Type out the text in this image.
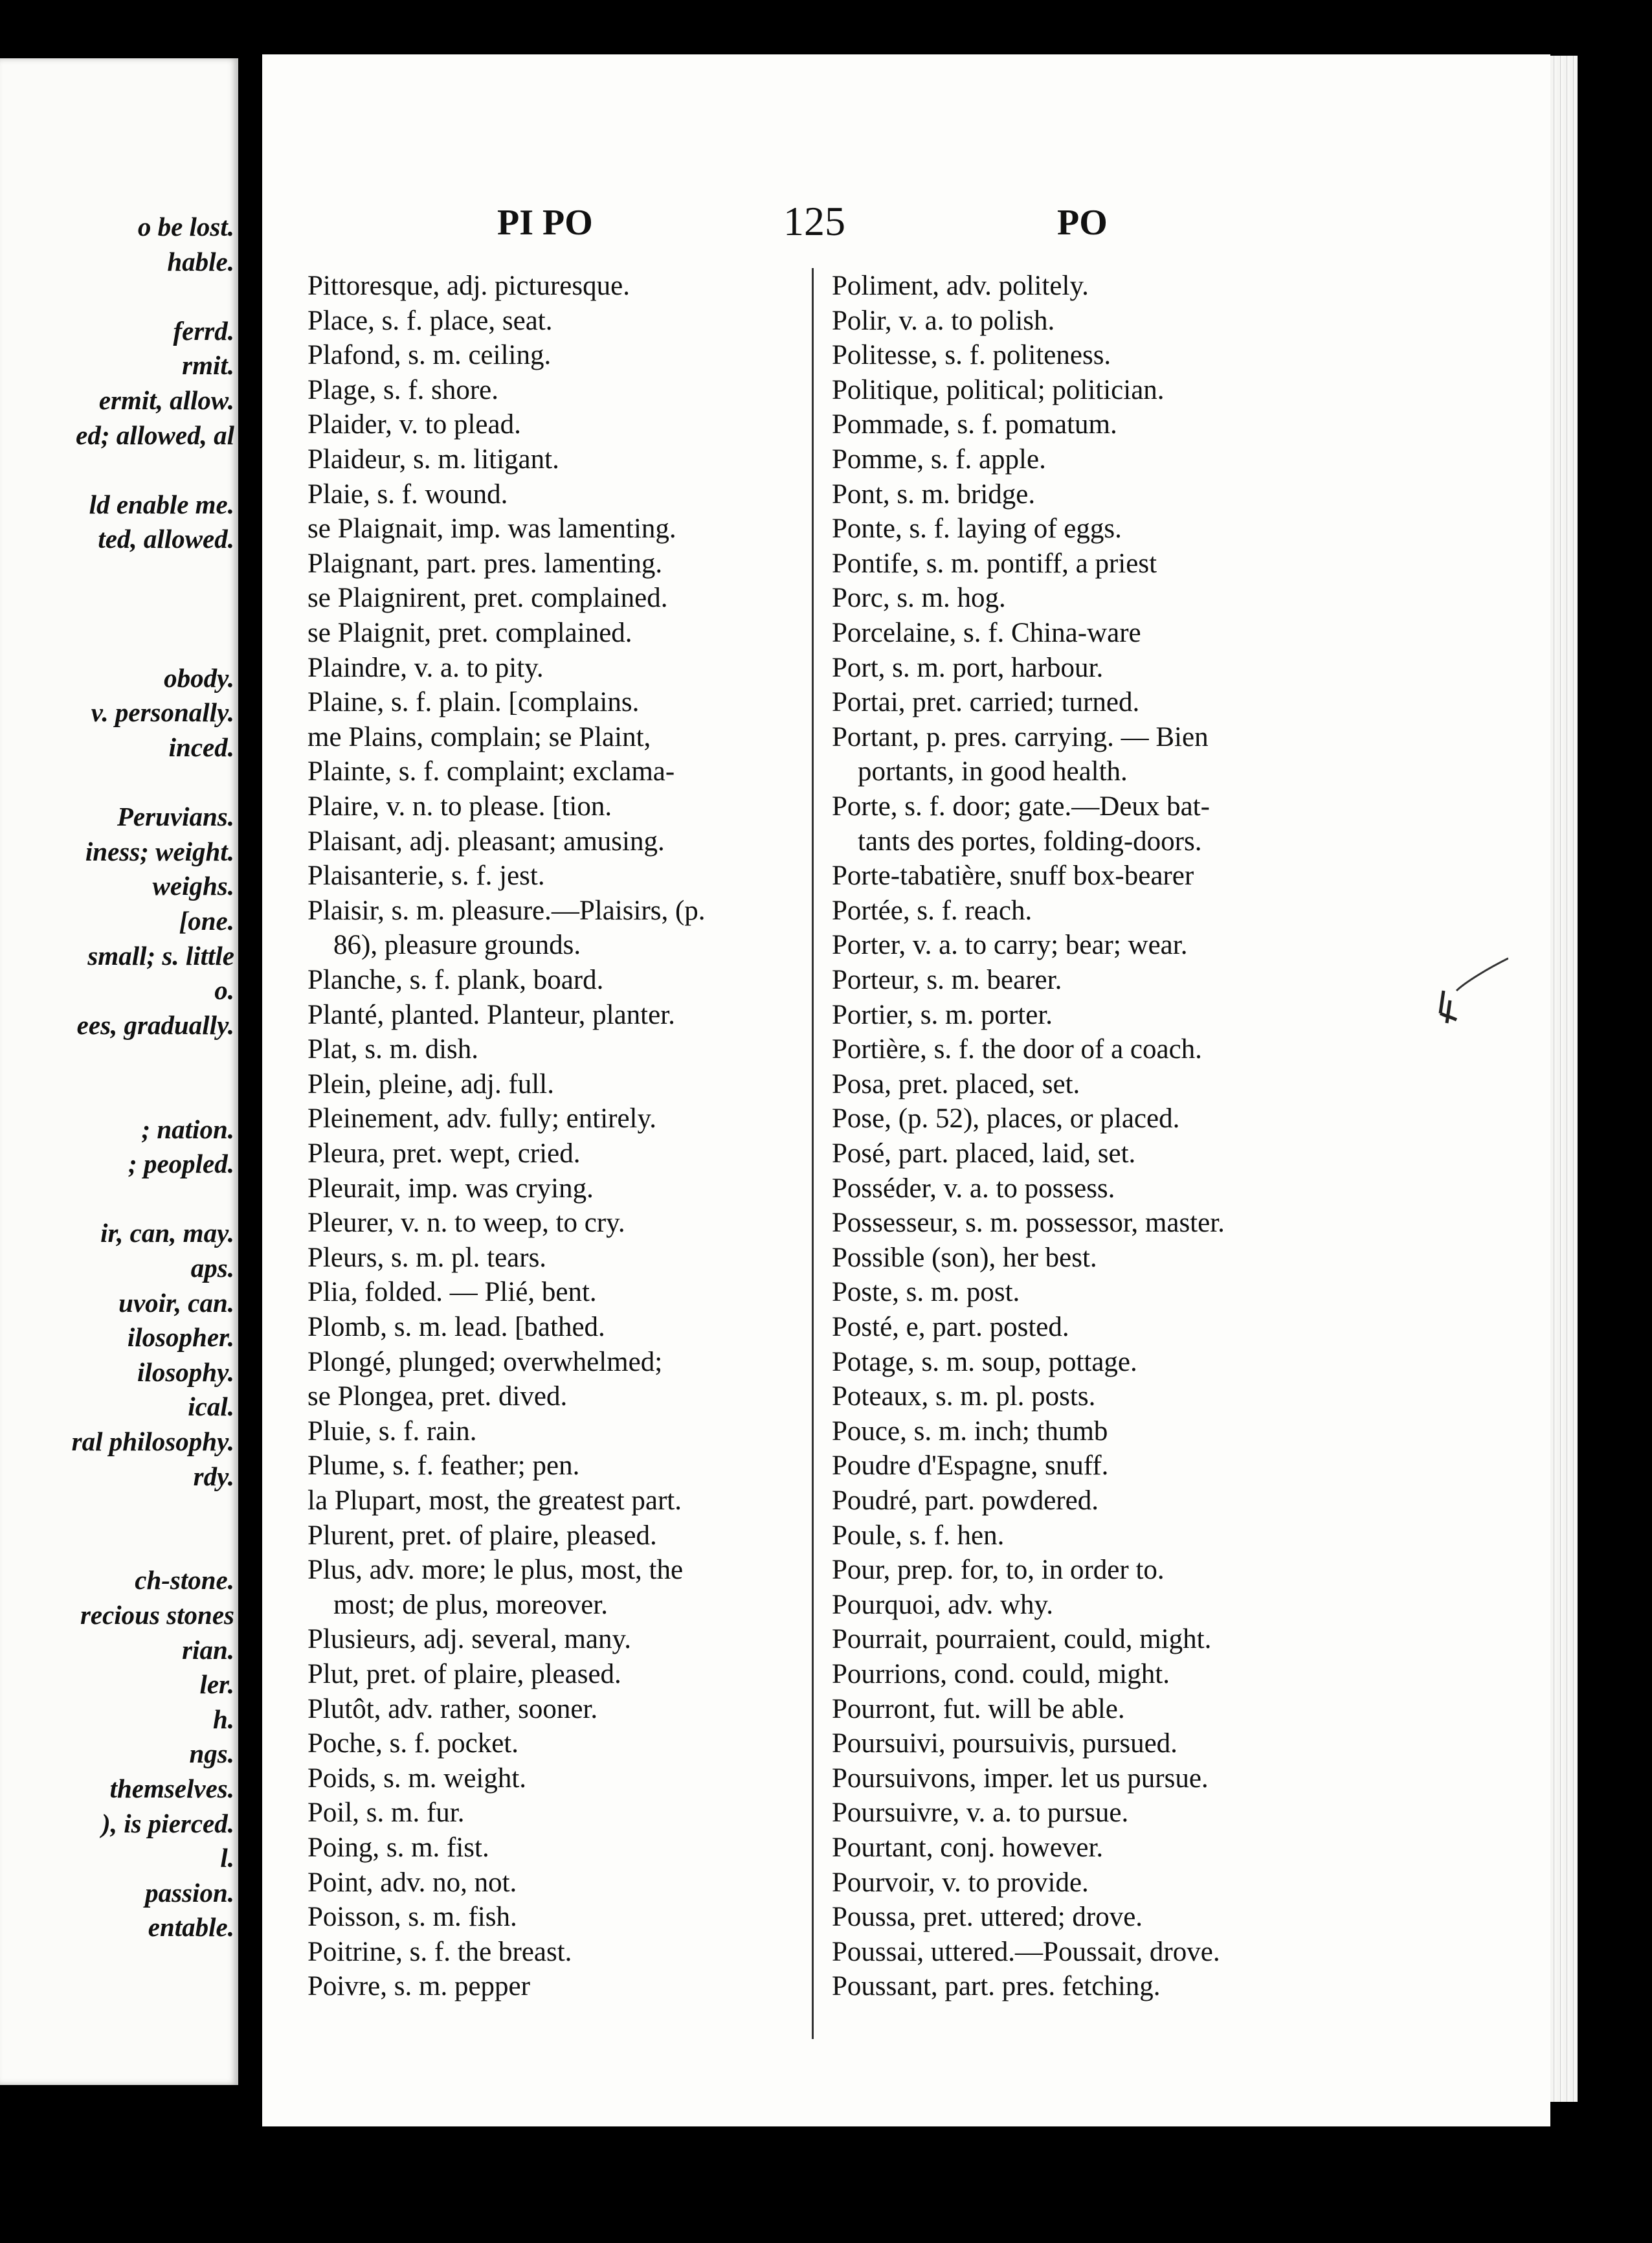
o be lost.
hable.
ferrd.
rmit.
ermit, allow.
ed; allowed, al
ld enable me.
ted, allowed.
obody.
v. personally.
inced.
Peruvians.
iness; weight.
weighs.
[one.
small; s. little
o.
ees, gradually.
; nation.
; peopled.
ir, can, may.
aps.
uvoir, can.
ilosopher.
ilosophy.
ical.
ral philosophy.
rdy.
ch-stone.
recious stones
rian.
ler.
h.
ngs.
themselves.
), is pierced.
l.
passion.
entable.
PI PO	125	PO
Pittoresque, adj. picturesque.
Place, s. f. place, seat.
Plafond, s. m. ceiling.
Plage, s. f. shore.
Plaider, v. to plead.
Plaideur, s. m. litigant.
Plaie, s. f. wound.
se Plaignait, imp. was lamenting.
Plaignant, part. pres. lamenting.
se Plaignirent, pret. complained.
se Plaignit, pret. complained.
Plaindre, v. a. to pity.
Plaine, s. f. plain. [complains.
me Plains, complain; se Plaint,
Plainte, s. f. complaint; exclama-
Plaire, v. n. to please. [tion.
Plaisant, adj. pleasant; amusing.
Plaisanterie, s. f. jest.
Plaisir, s. m. pleasure.—Plaisirs, (p.
86), pleasure grounds.
Planche, s. f. plank, board.
Planté, planted. Planteur, planter.
Plat, s. m. dish.
Plein, pleine, adj. full.
Pleinement, adv. fully; entirely.
Pleura, pret. wept, cried.
Pleurait, imp. was crying.
Pleurer, v. n. to weep, to cry.
Pleurs, s. m. pl. tears.
Plia, folded. — Plié, bent.
Plomb, s. m. lead. [bathed.
Plongé, plunged; overwhelmed;
se Plongea, pret. dived.
Pluie, s. f. rain.
Plume, s. f. feather; pen.
la Plupart, most, the greatest part.
Plurent, pret. of plaire, pleased.
Plus, adv. more; le plus, most, the
most; de plus, moreover.
Plusieurs, adj. several, many.
Plut, pret. of plaire, pleased.
Plutôt, adv. rather, sooner.
Poche, s. f. pocket.
Poids, s. m. weight.
Poil, s. m. fur.
Poing, s. m. fist.
Point, adv. no, not.
Poisson, s. m. fish.
Poitrine, s. f. the breast.
Poivre, s. m. pepper
Poliment, adv. politely.
Polir, v. a. to polish.
Politesse, s. f. politeness.
Politique, political; politician.
Pommade, s. f. pomatum.
Pomme, s. f. apple.
Pont, s. m. bridge.
Ponte, s. f. laying of eggs.
Pontife, s. m. pontiff, a priest
Porc, s. m. hog.
Porcelaine, s. f. China-ware
Port, s. m. port, harbour.
Portai, pret. carried; turned.
Portant, p. pres. carrying. — Bien
portants, in good health.
Porte, s. f. door; gate.—Deux bat-
tants des portes, folding-doors.
Porte-tabatière, snuff box-bearer
Portée, s. f. reach.
Porter, v. a. to carry; bear; wear.
Porteur, s. m. bearer.
Portier, s. m. porter.
Portière, s. f. the door of a coach.
Posa, pret. placed, set.
Pose, (p. 52), places, or placed.
Posé, part. placed, laid, set.
Posséder, v. a. to possess.
Possesseur, s. m. possessor, master.
Possible (son), her best.
Poste, s. m. post.
Posté, e, part. posted.
Potage, s. m. soup, pottage.
Poteaux, s. m. pl. posts.
Pouce, s. m. inch; thumb
Poudre d'Espagne, snuff.
Poudré, part. powdered.
Poule, s. f. hen.
Pour, prep. for, to, in order to.
Pourquoi, adv. why.
Pourrait, pourraient, could, might.
Pourrions, cond. could, might.
Pourront, fut. will be able.
Poursuivi, poursuivis, pursued.
Poursuivons, imper. let us pursue.
Poursuivre, v. a. to pursue.
Pourtant, conj. however.
Pourvoir, v. to provide.
Poussa, pret. uttered; drove.
Poussai, uttered.—Poussait, drove.
Poussant, part. pres. fetching.
